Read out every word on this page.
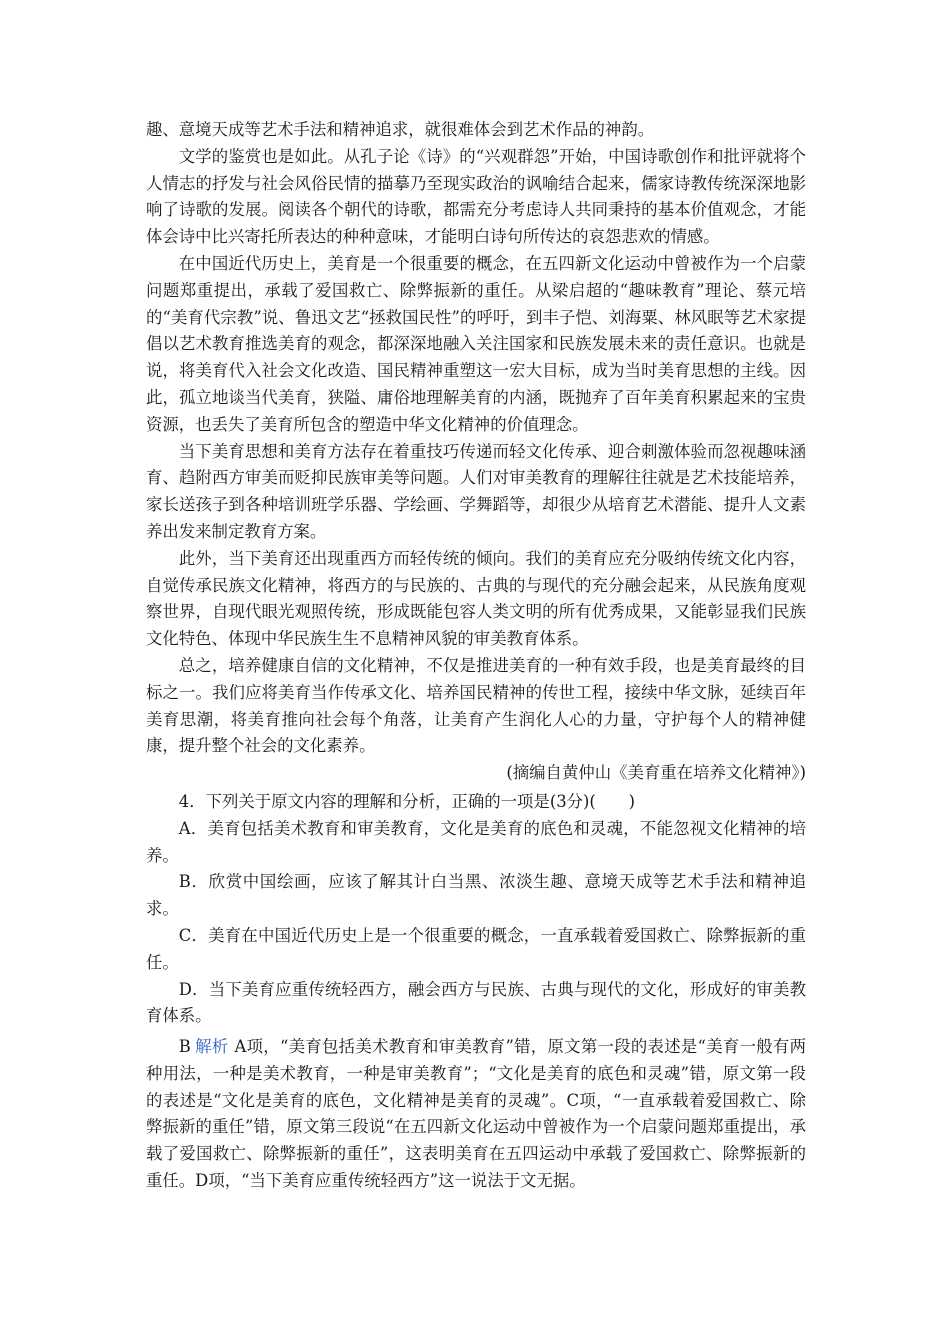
趣、意境天成等艺术手法和精神追求，就很难体会到艺术作品的神韵。

文学的鉴赏也是如此。从孔子论《诗》的“兴观群怨”开始，中国诗歌创作和批评就将个人情志的抒发与社会风俗民情的描摹乃至现实政治的讽喻结合起来，儒家诗教传统深深地影响了诗歌的发展。阅读各个朝代的诗歌，都需充分考虑诗人共同秉持的基本价值观念，才能体会诗中比兴寄托所表达的种种意味，才能明白诗句所传达的哀怨悲欢的情感。

在中国近代历史上，美育是一个很重要的概念，在五四新文化运动中曾被作为一个启蒙问题郑重提出，承载了爱国救亡、除弊振新的重任。从梁启超的“趣味教育”理论、蔡元培的“美育代宗教”说、鲁迅文艺“拯救国民性”的呼吁，到丰子恺、刘海粟、林风眠等艺术家提倡以艺术教育推选美育的观念，都深深地融入关注国家和民族发展未来的责任意识。也就是说，将美育代入社会文化改造、国民精神重塑这一宏大目标，成为当时美育思想的主线。因此，孤立地谈当代美育，狭隘、庸俗地理解美育的内涵，既抛弃了百年美育积累起来的宝贵资源，也丢失了美育所包含的塑造中华文化精神的价值理念。

当下美育思想和美育方法存在着重技巧传递而轻文化传承、迎合刺激体验而忽视趣味涵育、趋附西方审美而贬抑民族审美等问题。人们对审美教育的理解往往就是艺术技能培养，家长送孩子到各种培训班学乐器、学绘画、学舞蹈等，却很少从培育艺术潜能、提升人文素养出发来制定教育方案。

此外，当下美育还出现重西方而轻传统的倾向。我们的美育应充分吸纳传统文化内容，自觉传承民族文化精神，将西方的与民族的、古典的与现代的充分融会起来，从民族角度观察世界，自现代眼光观照传统，形成既能包容人类文明的所有优秀成果，又能彰显我们民族文化特色、体现中华民族生生不息精神风貌的审美教育体系。

总之，培养健康自信的文化精神，不仅是推进美育的一种有效手段，也是美育最终的目标之一。我们应将美育当作传承文化、培养国民精神的传世工程，接续中华文脉，延续百年美育思潮，将美育推向社会每个角落，让美育产生润化人心的力量，守护每个人的精神健康，提升整个社会的文化素养。

(摘编自黄仲山《美育重在培养文化精神》)

4．下列关于原文内容的理解和分析，正确的一项是(3分)(　　)

A．美育包括美术教育和审美教育，文化是美育的底色和灵魂，不能忽视文化精神的培养。

B．欣赏中国绘画，应该了解其计白当黑、浓淡生趣、意境天成等艺术手法和精神追求。

C．美育在中国近代历史上是一个很重要的概念，一直承载着爱国救亡、除弊振新的重任。

D．当下美育应重传统轻西方，融会西方与民族、古典与现代的文化，形成好的审美教育体系。

B 解析 A项，“美育包括美术教育和审美教育”错，原文第一段的表述是“美育一般有两种用法，一种是美术教育，一种是审美教育”；“文化是美育的底色和灵魂”错，原文第一段的表述是“文化是美育的底色，文化精神是美育的灵魂”。C项，“一直承载着爱国救亡、除弊振新的重任”错，原文第三段说“在五四新文化运动中曾被作为一个启蒙问题郑重提出，承载了爱国救亡、除弊振新的重任”，这表明美育在五四运动中承载了爱国救亡、除弊振新的重任。D项，“当下美育应重传统轻西方”这一说法于文无据。
